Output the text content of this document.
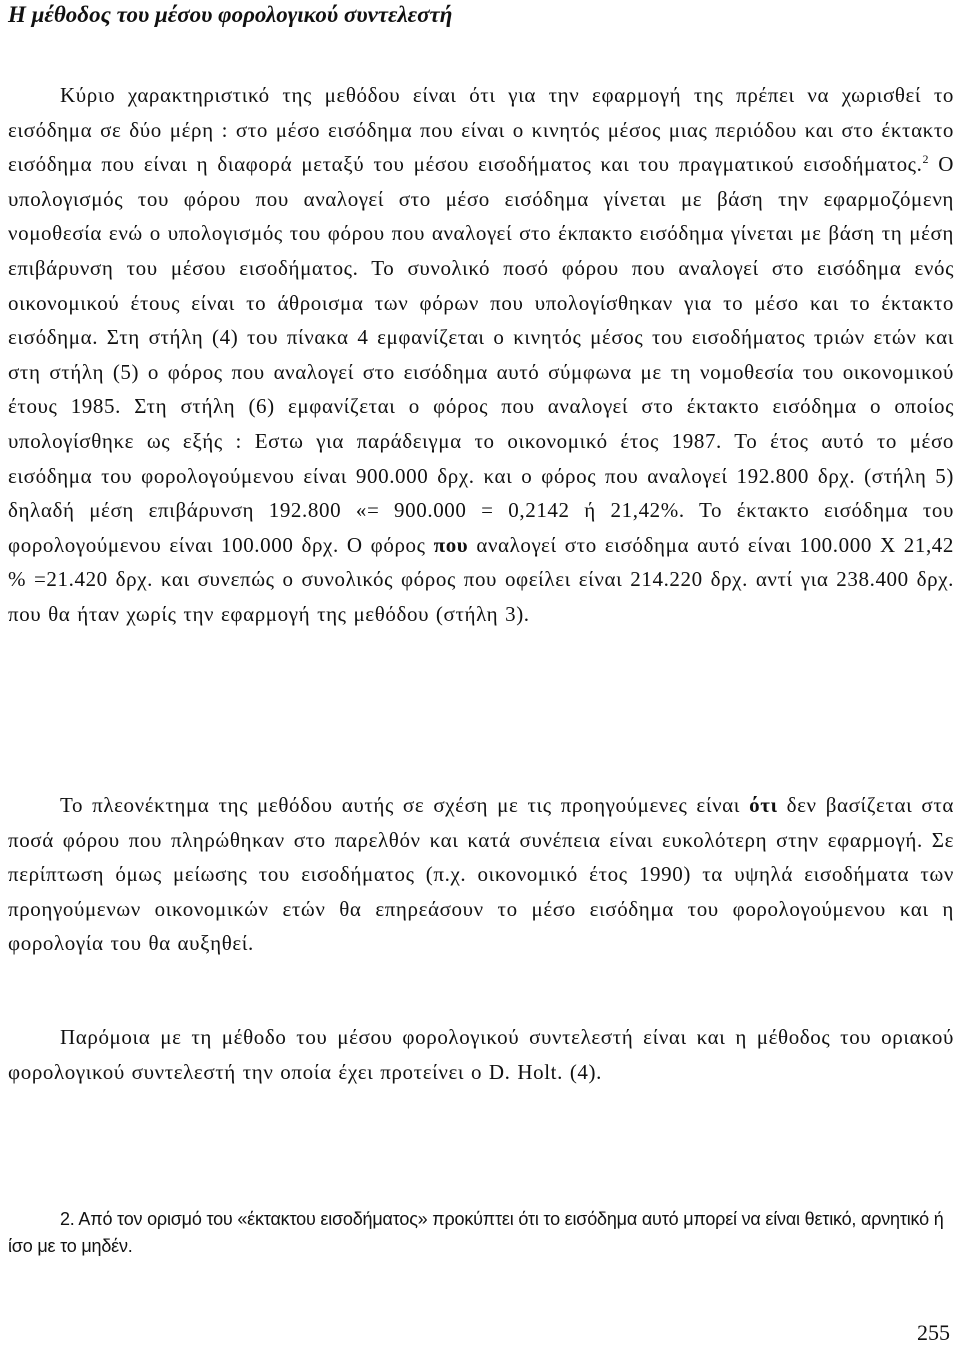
Η μέθοδος του μέσου φορολογικού συντελεστή

Κύριο χαρακτηριστικό της μεθόδου είναι ότι για την εφαρμογή της πρέπει να χωρισθεί το εισόδημα σε δύο μέρη : στο μέσο εισόδημα που είναι ο κινητός μέσος μιας περιόδου και στο έκτακτο εισόδημα που είναι η διαφορά μεταξύ του μέσου εισοδήματος και του πραγματικού εισοδήματος.$^2$ Ο υπολογισμός του φόρου που αναλογεί στο μέσο εισόδημα γίνεται με βάση την εφαρμοζόμενη νομοθεσία ενώ ο υπολογισμός του φόρου που αναλογεί στο έκπακτο εισόδημα γίνεται με βάση τη μέση επιβάρυνση του μέσου εισοδήματος. Το συνολικό ποσό φόρου που αναλογεί στο εισόδημα ενός οικονομικού έτους είναι το άθροισμα των φόρων που υπολογίσθηκαν για το μέσο και το έκτακτο εισόδημα. Στη στήλη (4) του πίνακα 4 εμφανίζεται ο κινητός μέσος του εισοδήματος τριών ετών και στη στήλη (5) ο φόρος που αναλογεί στο εισόδημα αυτό σύμφωνα με τη νομοθεσία του οικονομικού έτους 1985. Στη στήλη (6) εμφανίζεται ο φόρος που αναλογεί στο έκτακτο εισόδημα ο οποίος υπολογίσθηκε ως εξής : Εστω για παράδειγμα το οικονομικό έτος 1987. Το έτος αυτό το μέσο εισόδημα του φορολογούμενου είναι 900.000 δρχ. και ο φόρος που αναλογεί 192.800 δρχ. (στήλη 5) δηλαδή μέση επιβάρυνση 192.800 «= 900.000 = 0,2142 ή 21,42%. Το έκτακτο εισόδημα του φορολογούμενου είναι 100.000 δρχ. Ο φόρος που αναλογεί στο εισόδημα αυτό είναι 100.000 Χ 21,42 % =21.420 δρχ. και συνεπώς ο συνολικός φόρος που οφείλει είναι 214.220 δρχ. αντί για 238.400 δρχ. που θα ήταν χωρίς την εφαρμογή της μεθόδου (στήλη 3).

Το πλεονέκτημα της μεθόδου αυτής σε σχέση με τις προηγούμενες είναι ότι δεν βασίζεται στα ποσά φόρου που πληρώθηκαν στο παρελθόν και κατά συνέπεια είναι ευκολότερη στην εφαρμογή. Σε περίπτωση όμως μείωσης του εισοδήματος (π.χ. οικονομικό έτος 1990) τα υψηλά εισοδήματα των προηγούμενων οικονομικών ετών θα επηρεάσουν το μέσο εισόδημα του φορολογούμενου και η φορολογία του θα αυξηθεί.

Παρόμοια με τη μέθοδο του μέσου φορολογικού συντελεστή είναι και η μέθοδος του οριακού φορολογικού συντελεστή την οποία έχει προτείνει ο D. Holt. (4).

2. Από τον ορισμό του «έκτακτου εισοδήματος» προκύπτει ότι το εισόδημα αυτό μπορεί να είναι θετικό, αρνητικό ή ίσο με το μηδέν.

255
